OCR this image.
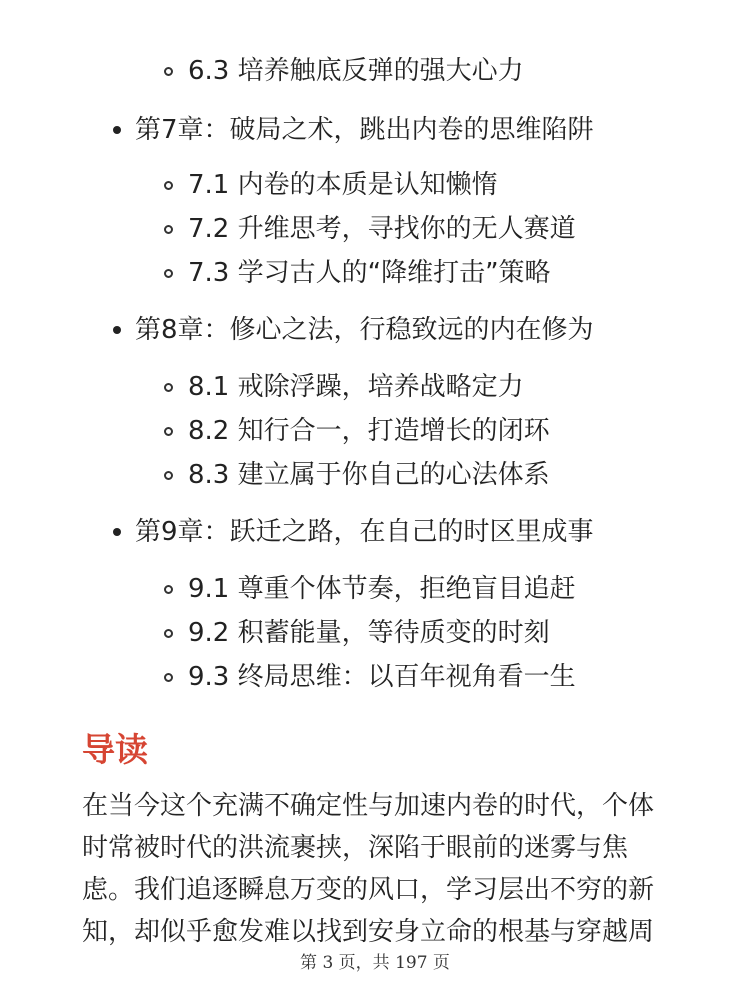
6.3 培养触底反弹的强大心力
第7章：破局之术，跳出内卷的思维陷阱
7.1 内卷的本质是认知懒惰
7.2 升维思考，寻找你的无人赛道
7.3 学习古人的“降维打击”策略
第8章：修心之法，行稳致远的内在修为
8.1 戒除浮躁，培养战略定力
8.2 知行合一，打造增长的闭环
8.3 建立属于你自己的心法体系
第9章：跃迁之路，在自己的时区里成事
9.1 尊重个体节奏，拒绝盲目追赶
9.2 积蓄能量，等待质变的时刻
9.3 终局思维：以百年视角看一生
导读
在当今这个充满不确定性与加速内卷的时代，个体
时常被时代的洪流裹挟，深陷于眼前的迷雾与焦
虑。我们追逐瞬息万变的风口，学习层出不穷的新
知，却似乎愈发难以找到安身立命的根基与穿越周
第 3 页，共 197 页
